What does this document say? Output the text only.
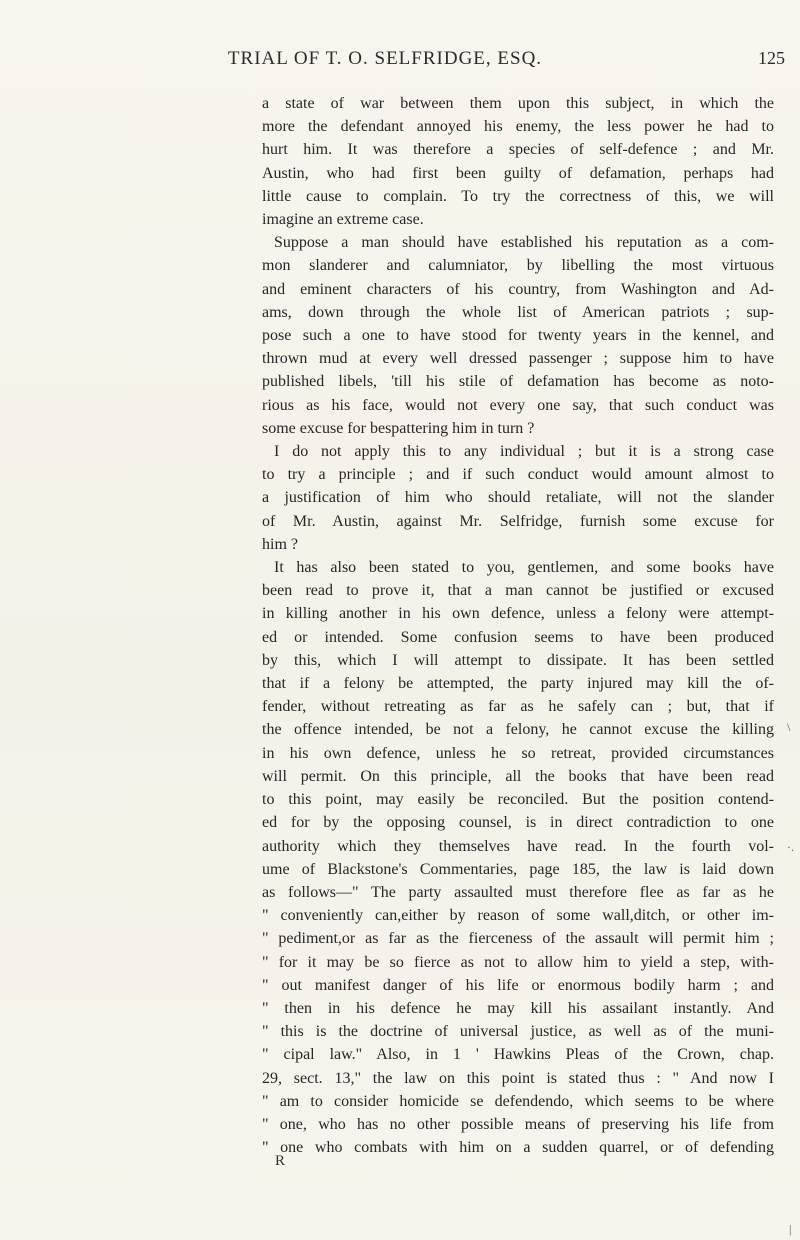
TRIAL OF T. O. SELFRIDGE, ESQ.	125
a state of war between them upon this subject, in which the
more the defendant annoyed his enemy, the less power he had to
hurt him. It was therefore a species of self-defence ; and Mr.
Austin, who had first been guilty of defamation, perhaps had
little cause to complain. To try the correctness of this, we will
imagine an extreme case.
Suppose a man should have established his reputation as a com-
mon slanderer and calumniator, by libelling the most virtuous
and eminent characters of his country, from Washington and Ad-
ams, down through the whole list of American patriots ; sup-
pose such a one to have stood for twenty years in the kennel, and
thrown mud at every well dressed passenger ; suppose him to have
published libels, 'till his stile of defamation has become as noto-
rious as his face, would not every one say, that such conduct was
some excuse for bespattering him in turn ?
I do not apply this to any individual ; but it is a strong case
to try a principle ; and if such conduct would amount almost to
a justification of him who should retaliate, will not the slander
of Mr. Austin, against Mr. Selfridge, furnish some excuse for
him ?
It has also been stated to you, gentlemen, and some books have
been read to prove it, that a man cannot be justified or excused
in killing another in his own defence, unless a felony were attempt-
ed or intended. Some confusion seems to have been produced
by this, which I will attempt to dissipate. It has been settled
that if a felony be attempted, the party injured may kill the of-
fender, without retreating as far as he safely can ; but, that if
the offence intended, be not a felony, he cannot excuse the killing
in his own defence, unless he so retreat, provided circumstances
will permit. On this principle, all the books that have been read
to this point, may easily be reconciled. But the position contend-
ed for by the opposing counsel, is in direct contradiction to one
authority which they themselves have read. In the fourth vol-
ume of Blackstone's Commentaries, page 185, the law is laid down
as follows—" The party assaulted must therefore flee as far as he
" conveniently can,either by reason of some wall,ditch, or other im-
" pediment,or as far as the fierceness of the assault will permit him ;
" for it may be so fierce as not to allow him to yield a step, with-
" out manifest danger of his life or enormous bodily harm ; and
" then in his defence he may kill his assailant instantly. And
" this is the doctrine of universal justice, as well as of the muni-
" cipal law." Also, in 1 ' Hawkins Pleas of the Crown, chap.
29, sect. 13," the law on this point is stated thus : " And now I
" am to consider homicide se defendendo, which seems to be where
" one, who has no other possible means of preserving his life from
" one who combats with him on a sudden quarrel, or of defending
R
\
·.
|
